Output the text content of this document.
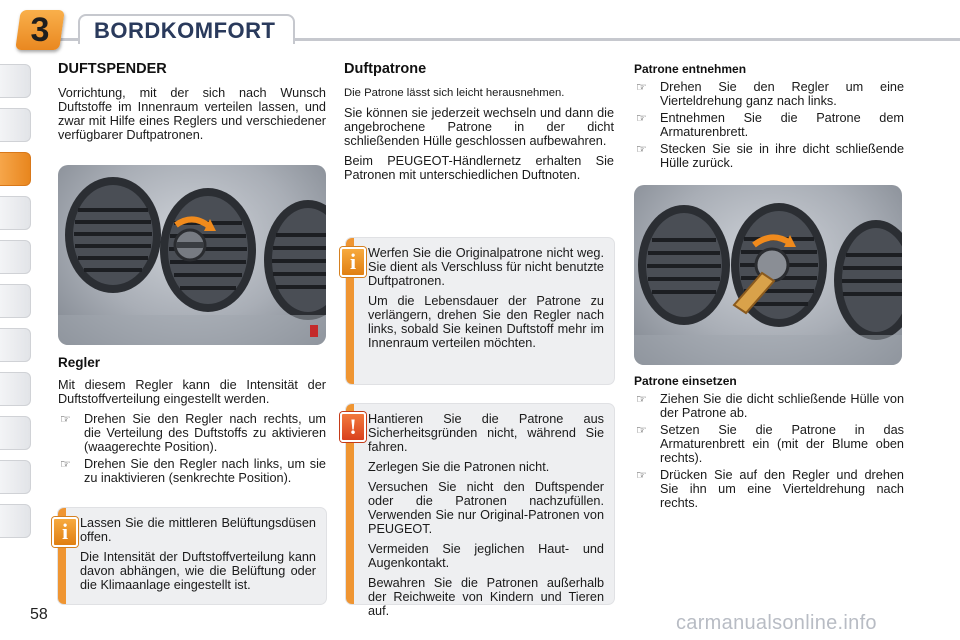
3	BORDKOMFORT
DUFTSPENDER

Vorrichtung, mit der sich nach Wunsch Duftstoffe im Innenraum verteilen lassen, und zwar mit Hilfe eines Reglers und verschiedener verfügbarer Duftpatronen.

Regler

Mit diesem Regler kann die Intensität der Duftstoffverteilung eingestellt werden.

☞ Drehen Sie den Regler nach rechts, um die Verteilung des Duftstoffs zu aktivieren (waagerechte Position).
☞ Drehen Sie den Regler nach links, um sie zu inaktivieren (senkrechte Position).

Lassen Sie die mittleren Belüftungsdüsen offen.

Die Intensität der Duftstoffverteilung kann davon abhängen, wie die Belüftung oder die Klimaanlage eingestellt ist.

i
Duftpatrone

Die Patrone lässt sich leicht herausnehmen.

Sie können sie jederzeit wechseln und dann die angebrochene Patrone in der dicht schließenden Hülle geschlossen aufbewahren.

Beim PEUGEOT-Händlernetz erhalten Sie Patronen mit unterschiedlichen Duftnoten.

Werfen Sie die Originalpatrone nicht weg. Sie dient als Verschluss für nicht benutzte Duftpatronen.

Um die Lebensdauer der Patrone zu verlängern, drehen Sie den Regler nach links, sobald Sie keinen Duftstoff mehr im Innenraum verteilen möchten.

i

Hantieren Sie die Patrone aus Sicherheitsgründen nicht, während Sie fahren.

Zerlegen Sie die Patronen nicht.

Versuchen Sie nicht den Duftspender oder die Patronen nachzufüllen. Verwenden Sie nur Original-Patronen von PEUGEOT.

Vermeiden Sie jeglichen Haut- und Augenkontakt.

Bewahren Sie die Patronen außerhalb der Reichweite von Kindern und Tieren auf.

!
Patrone entnehmen
☞ Drehen Sie den Regler um eine Vierteldrehung ganz nach links.
☞ Entnehmen Sie die Patrone dem Armaturenbrett.
☞ Stecken Sie sie in ihre dicht schließende Hülle zurück.
Patrone einsetzen
☞ Ziehen Sie die dicht schließende Hülle von der Patrone ab.
☞ Setzen Sie die Patrone in das Armaturenbrett ein (mit der Blume oben rechts).
☞ Drücken Sie auf den Regler und drehen Sie ihn um eine Vierteldrehung nach rechts.
58	carmanualsonline.info
